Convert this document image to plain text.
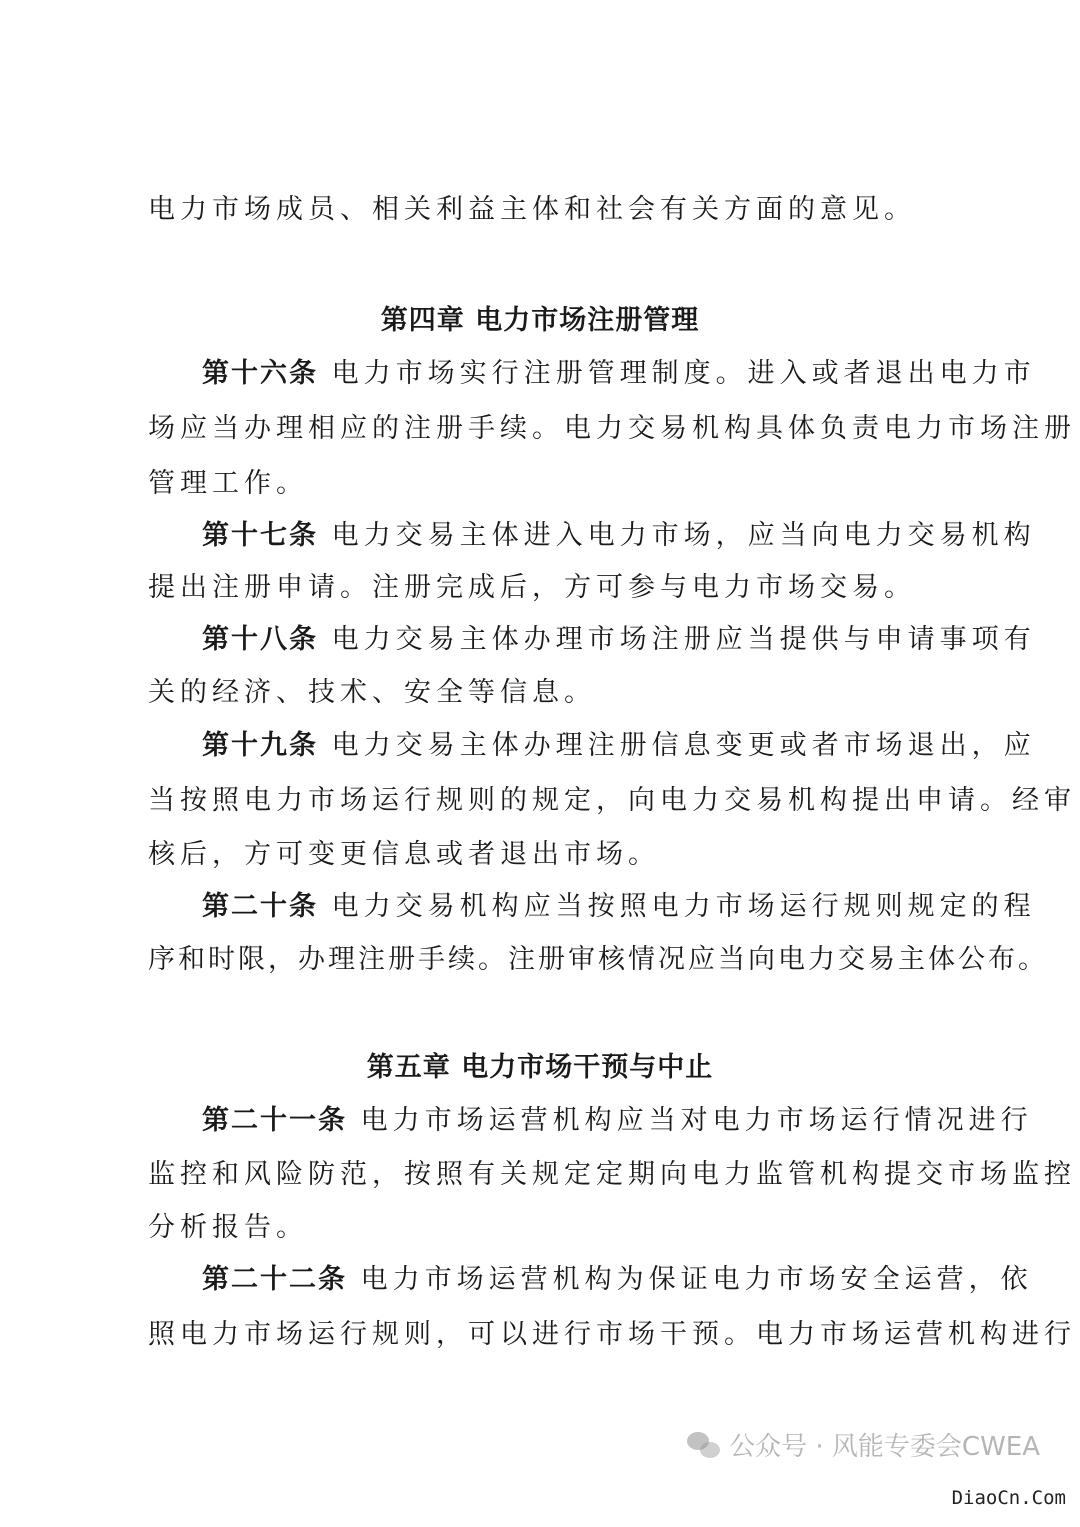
电力市场成员、相关利益主体和社会有关方面的意见。
第四章 电力市场注册管理
第十六条 电力市场实行注册管理制度。进入或者退出电力市
场应当办理相应的注册手续。电力交易机构具体负责电力市场注册
管理工作。
第十七条 电力交易主体进入电力市场，应当向电力交易机构
提出注册申请。注册完成后，方可参与电力市场交易。
第十八条 电力交易主体办理市场注册应当提供与申请事项有
关的经济、技术、安全等信息。
第十九条 电力交易主体办理注册信息变更或者市场退出，应
当按照电力市场运行规则的规定，向电力交易机构提出申请。经审
核后，方可变更信息或者退出市场。
第二十条 电力交易机构应当按照电力市场运行规则规定的程
序和时限，办理注册手续。注册审核情况应当向电力交易主体公布。
第五章 电力市场干预与中止
第二十一条 电力市场运营机构应当对电力市场运行情况进行
监控和风险防范，按照有关规定定期向电力监管机构提交市场监控
分析报告。
第二十二条 电力市场运营机构为保证电力市场安全运营，依
照电力市场运行规则，可以进行市场干预。电力市场运营机构进行
公众号 · 风能专委会CWEA
DiaoCn.Com
